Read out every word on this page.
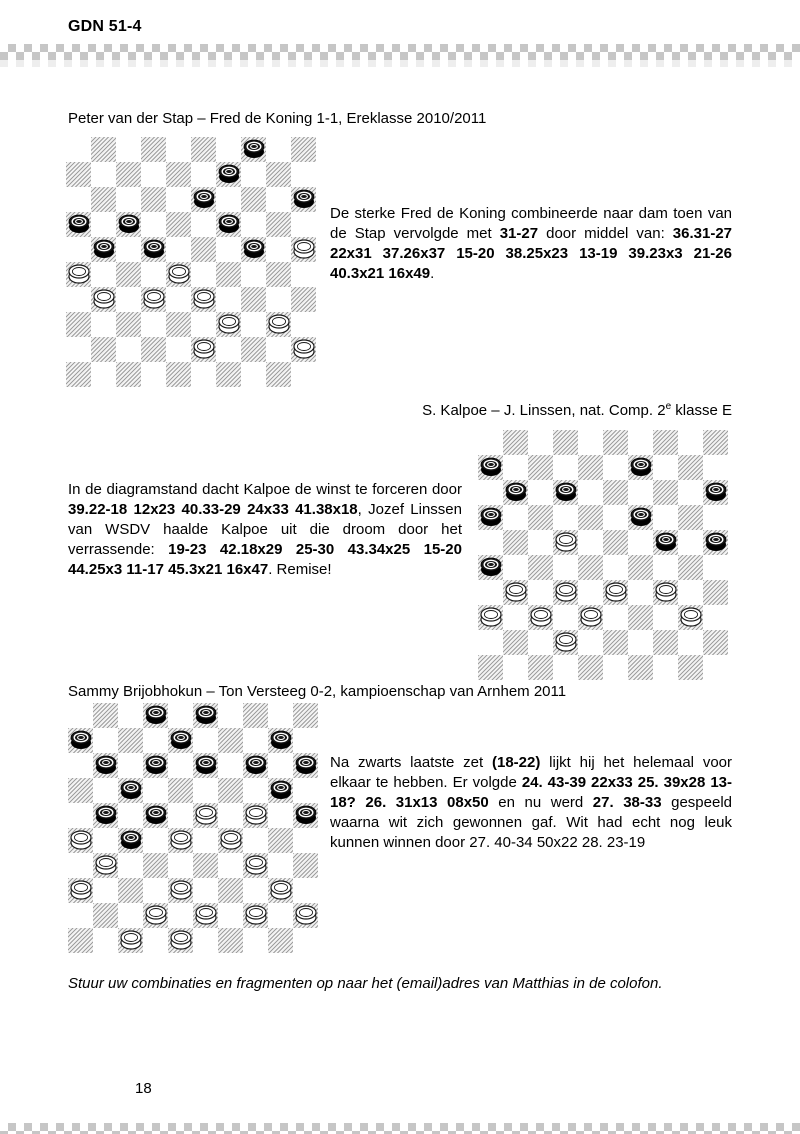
GDN 51-4
Peter van der Stap – Fred de Koning 1-1, Ereklasse 2010/2011
De sterke Fred de Koning combineerde naar dam toen van de Stap vervolgde met 31-27 door middel van: 36.31-27 22x31 37.26x37 15-20 38.25x23 13-19 39.23x3 21-26 40.3x21 16x49.
S. Kalpoe – J. Linssen, nat. Comp. 2e klasse E
In de diagramstand dacht Kalpoe de winst te forceren door 39.22-18 12x23 40.33-29 24x33 41.38x18, Jozef Linssen van WSDV haalde Kalpoe uit die droom door het verrassende: 19-23 42.18x29 25-30 43.34x25 15-20 44.25x3 11-17 45.3x21 16x47. Remise!
Sammy Brijobhokun – Ton Versteeg 0-2, kampioenschap van Arnhem 2011
Na zwarts laatste zet (18-22) lijkt hij het helemaal voor elkaar te hebben. Er volgde 24. 43-39 22x33 25. 39x28 13-18? 26. 31x13 08x50 en nu werd 27. 38-33 gespeeld waarna wit zich gewonnen gaf. Wit had echt nog leuk kunnen winnen door 27. 40-34 50x22 28. 23-19
Stuur uw combinaties en fragmenten op naar het (email)adres van Matthias in de colofon.
18
